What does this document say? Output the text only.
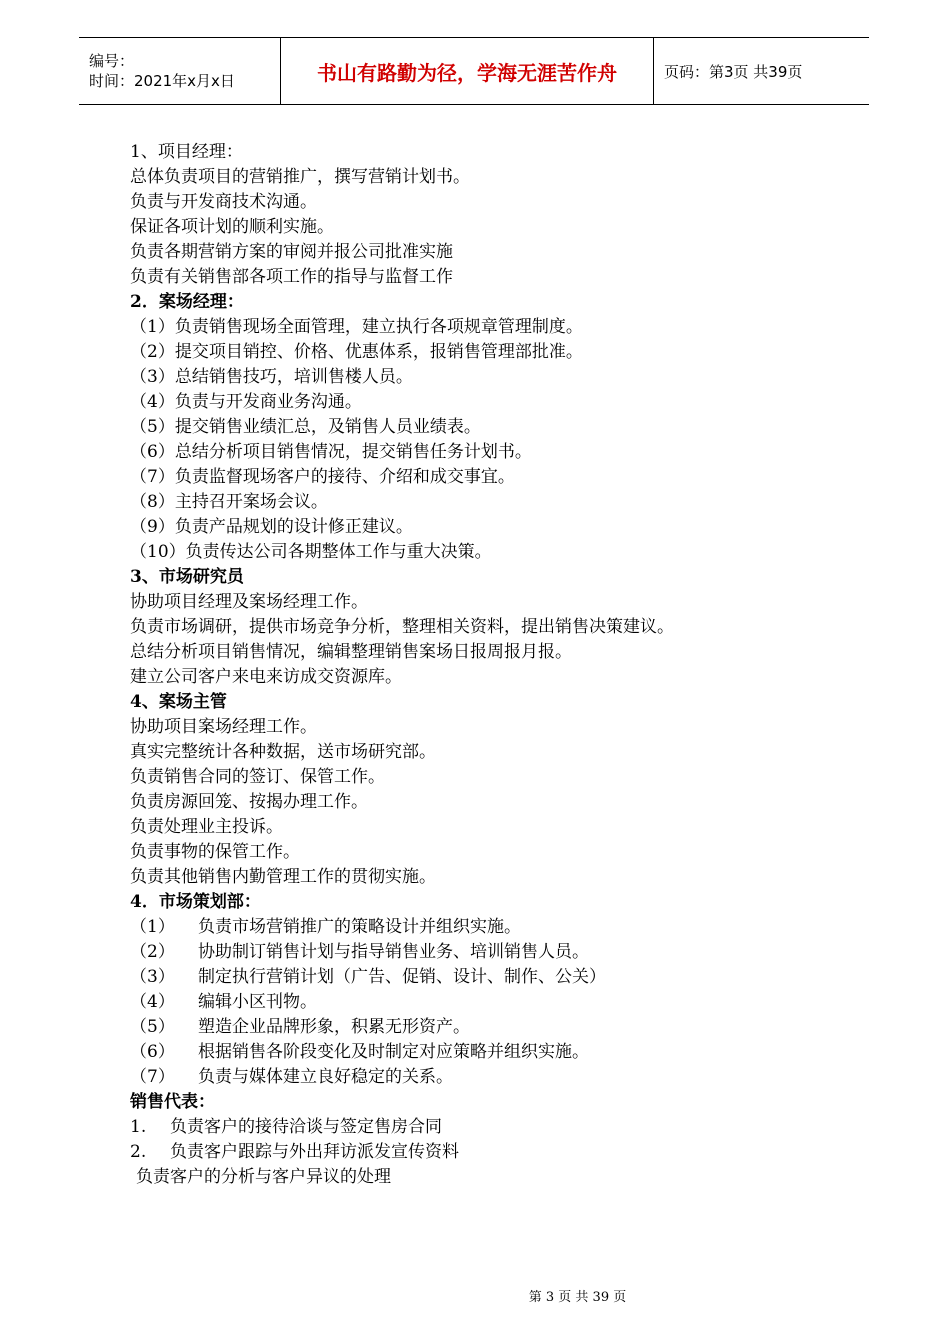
编号：
时间：2021年x月x日	书山有路勤为径，学海无涯苦作舟	页码：第3页 共39页
1、项目经理：
总体负责项目的营销推广，撰写营销计划书。
负责与开发商技术沟通。
保证各项计划的顺利实施。
负责各期营销方案的审阅并报公司批准实施
负责有关销售部各项工作的指导与监督工作
2．案场经理：
（1）负责销售现场全面管理，建立执行各项规章管理制度。
（2）提交项目销控、价格、优惠体系，报销售管理部批准。
（3）总结销售技巧，培训售楼人员。
（4）负责与开发商业务沟通。
（5）提交销售业绩汇总，及销售人员业绩表。
（6）总结分析项目销售情况，提交销售任务计划书。
（7）负责监督现场客户的接待、介绍和成交事宜。
（8）主持召开案场会议。
（9）负责产品规划的设计修正建议。
（10）负责传达公司各期整体工作与重大决策。
3、市场研究员
协助项目经理及案场经理工作。
负责市场调研，提供市场竞争分析，整理相关资料，提出销售决策建议。
总结分析项目销售情况，编辑整理销售案场日报周报月报。
建立公司客户来电来访成交资源库。
4、案场主管
协助项目案场经理工作。
真实完整统计各种数据，送市场研究部。
负责销售合同的签订、保管工作。
负责房源回笼、按揭办理工作。
负责处理业主投诉。
负责事物的保管工作。
负责其他销售内勤管理工作的贯彻实施。
4．市场策划部：
（1）	负责市场营销推广的策略设计并组织实施。
（2）	协助制订销售计划与指导销售业务、培训销售人员。
（3）	制定执行营销计划（广告、促销、设计、制作、公关）
（4）	编辑小区刊物。
（5）	塑造企业品牌形象，积累无形资产。
（6）	根据销售各阶段变化及时制定对应策略并组织实施。
（7）	负责与媒体建立良好稳定的关系。
销售代表：
1.	负责客户的接待洽谈与签定售房合同
2.	负责客户跟踪与外出拜访派发宣传资料
负责客户的分析与客户异议的处理
第 3 页 共 39 页
